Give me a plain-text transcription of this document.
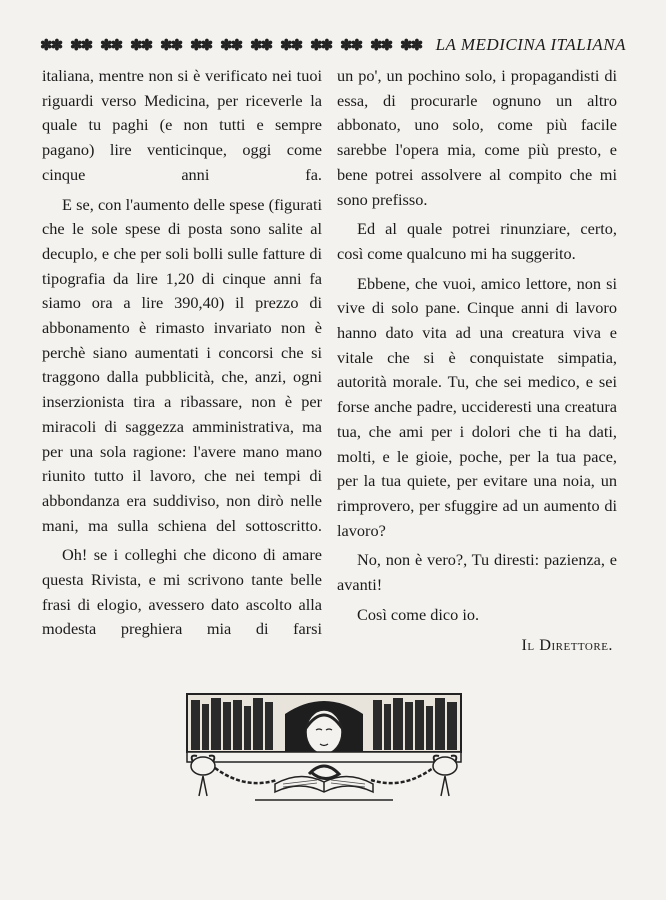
✽✽ ✽✽ ✽✽ ✽✽ ✽✽ ✽✽ ✽✽ ✽✽ ✽✽ ✽✽ ✽✽ ✽✽ ✽✽ LA MEDICINA ITALIANA

italiana, mentre non si è verificato nei tuoi riguardi verso Medicina, per riceverle la quale tu paghi (e non tutti e sempre pagano) lire venticinque, oggi come cinque anni fa.

E se, con l'aumento delle spese (figurati che le sole spese di posta sono salite al decuplo, e che per soli bolli sulle fatture di tipografia da lire 1,20 di cinque anni fa siamo ora a lire 390,40) il prezzo di abbonamento è rimasto invariato non è perchè siano aumentati i concorsi che si traggono dalla pubblicità, che, anzi, ogni inserzionista tira a ribassare, non è per miracoli di saggezza amministrativa, ma per una sola ragione: l'avere mano mano riunito tutto il lavoro, che nei tempi di abbondanza era suddiviso, non dirò nelle mani, ma sulla schiena del sottoscritto.

Oh! se i colleghi che dicono di amare questa Rivista, e mi scrivono tante belle frasi di elogio, avessero dato ascolto alla modesta preghiera mia di farsi

un po', un pochino solo, i propagandisti di essa, di procurarle ognuno un altro abbonato, uno solo, come più facile sarebbe l'opera mia, come più presto, e bene potrei assolvere al compito che mi sono prefisso.

Ed al quale potrei rinunziare, certo, così come qualcuno mi ha suggerito.

Ebbene, che vuoi, amico lettore, non si vive di solo pane. Cinque anni di lavoro hanno dato vita ad una creatura viva e vitale che si è conquistate simpatia, autorità morale. Tu, che sei medico, e sei forse anche padre, uccideresti una creatura tua, che ami per i dolori che ti ha dati, molti, e le gioie, poche, per la tua pace, per la tua quiete, per evitare una noia, un rimprovero, per sfuggire ad un aumento di lavoro?

No, non è vero?, Tu diresti: pazienza, e avanti!

Così come dico io.

Il Direttore.
